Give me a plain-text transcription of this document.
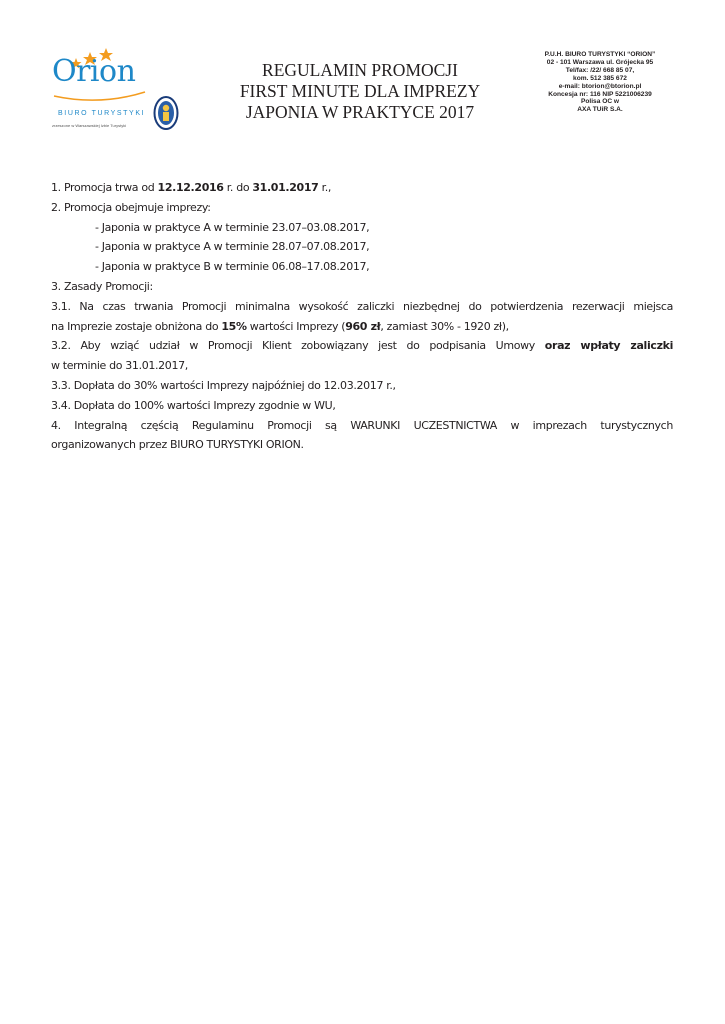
Orion
BIURO TURYSTYKI
zrzeszone w Warszawskiej Izbie Turystyki
REGULAMIN PROMOCJI
FIRST MINUTE DLA IMPREZY
JAPONIA W PRAKTYCE 2017
P.U.H. BIURO TURYSTYKI “ORION”
02 - 101 Warszawa ul. Grójecka 95
Tel/fax: /22/ 668 85 07,
kom. 512 385 672
e-mail: btorion@btorion.pl
Koncesja nr: 116 NIP 5221006239
Polisa OC w
AXA TUiR S.A.

1. Promocja trwa od 12.12.2016 r. do 31.01.2017 r.,

2. Promocja obejmuje imprezy:

- Japonia w praktyce A w terminie 23.07–03.08.2017,

- Japonia w praktyce A w terminie 28.07–07.08.2017,

- Japonia w praktyce B w terminie 06.08–17.08.2017,

3. Zasady Promocji:

3.1. Na czas trwania Promocji minimalna wysokość zaliczki niezbędnej do potwierdzenia rezerwacji miejsca

na Imprezie zostaje obniżona do 15% wartości Imprezy (960 zł, zamiast 30% - 1920 zł),

3.2. Aby wziąć udział w Promocji Klient zobowiązany jest do podpisania Umowy oraz wpłaty zaliczki

w terminie do 31.01.2017,

3.3. Dopłata do 30% wartości Imprezy najpóźniej do 12.03.2017 r.,

3.4. Dopłata do 100% wartości Imprezy zgodnie w WU,

4. Integralną częścią Regulaminu Promocji są WARUNKI UCZESTNICTWA w imprezach turystycznych

organizowanych przez BIURO TURYSTYKI ORION.
